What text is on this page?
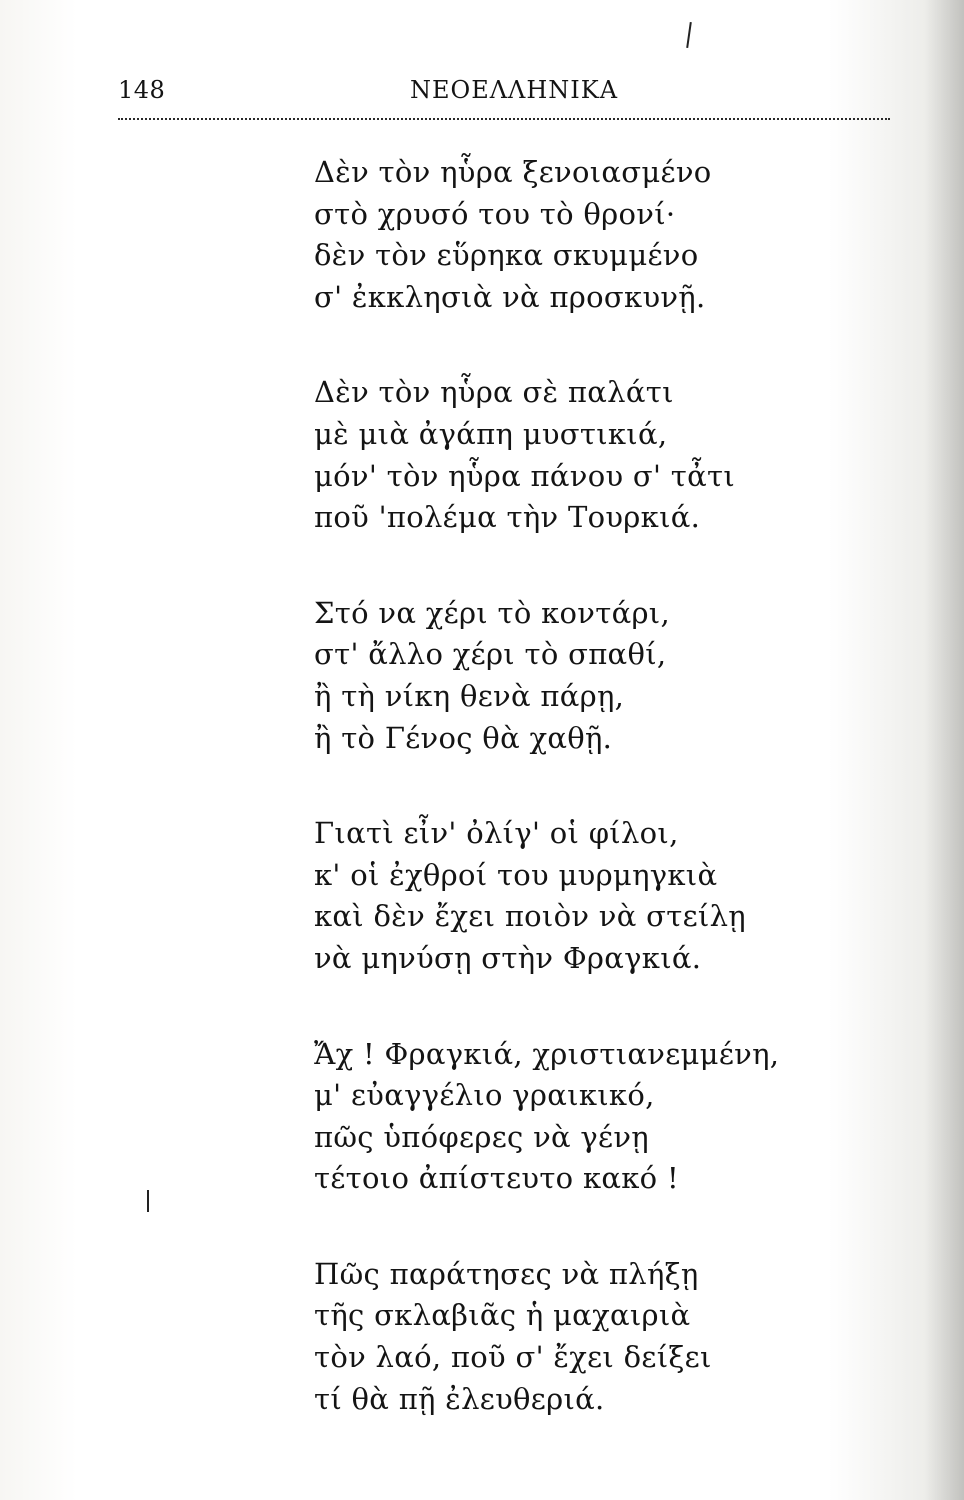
148	ΝΕΟΕΛΛΗΝΙΚΑ
Δὲν τὸν ηὗρα ξενοιασμένο
στὸ χρυσό του τὸ θρονί·
δὲν τὸν εὕρηκα σκυμμένο
σ' ἐκκλησιὰ νὰ προσκυνῇ.
Δὲν τὸν ηὗρα σὲ παλάτι
μὲ μιὰ ἀγάπη μυστικιά,
μόν' τὸν ηὗρα πάνου σ' τἆτι
ποῦ 'πολέμα τὴν Τουρκιά.
Στό να χέρι τὸ κοντάρι,
στ' ἄλλο χέρι τὸ σπαθί,
ἢ τὴ νίκη θενὰ πάρῃ,
ἢ τὸ Γένος θὰ χαθῇ.
Γιατὶ εἶν' ὀλίγ' οἱ φίλοι,
κ' οἱ ἐχθροί του μυρμηγκιὰ
καὶ δὲν ἔχει ποιὸν νὰ στείλῃ
νὰ μηνύσῃ στὴν Φραγκιά.
Ἄχ ! Φραγκιά, χριστιανεμμένη,
μ' εὐαγγέλιο γραικικό,
πῶς ὑπόφερες νὰ γένῃ
τέτοιο ἀπίστευτο κακό !
Πῶς παράτησες νὰ πλήξῃ
τῆς σκλαβιᾶς ἡ μαχαιριὰ
τὸν λαό, ποῦ σ' ἔχει δείξει
τί θὰ πῇ ἐλευθεριά.
